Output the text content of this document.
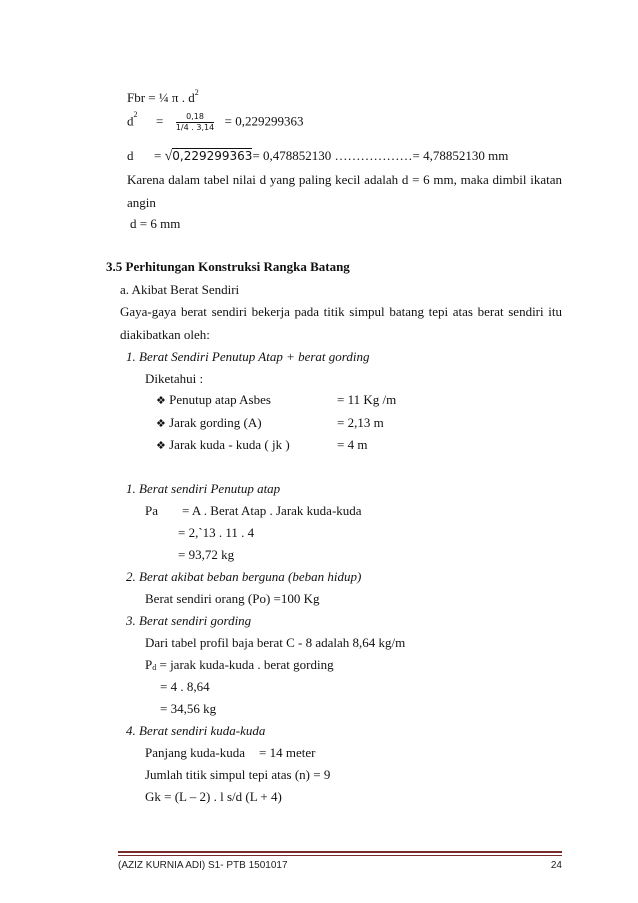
Fbr = ¼ π . $d^2$
$d^2 = \frac{0,18}{1/4 . 3,14} = 0,229299363$
d = √0,229299363= 0,478852130 ………………= 4,78852130 mm
Karena dalam tabel nilai d yang paling kecil adalah d = 6 mm, maka dimbil ikatan
angin
d = 6 mm
3.5 Perhitungan Konstruksi Rangka Batang
a. Akibat Berat Sendiri
Gaya-gaya berat sendiri bekerja pada titik simpul batang tepi atas berat sendiri itu
diakibatkan oleh:
1. Berat Sendiri Penutup Atap + berat gording
Diketahui :
❖ Penutup atap Asbes	= 11 Kg /m
❖ Jarak gording (A)	= 2,13 m
❖ Jarak kuda - kuda ( jk )	= 4 m
1. Berat sendiri Penutup atap
Pa = A . Berat Atap . Jarak kuda-kuda
= 2,`13 . 11 . 4
= 93,72 kg
2. Berat akibat beban berguna (beban hidup)
Berat sendiri orang (Po) =100 Kg
3. Berat sendiri gording
Dari tabel profil baja berat C - 8 adalah 8,64 kg/m
$P_d$ = jarak kuda-kuda . berat gording
= 4 . 8,64
= 34,56 kg
4. Berat sendiri kuda-kuda
Panjang kuda-kuda = 14 meter
Jumlah titik simpul tepi atas (n) = 9
Gk = (L – 2) . l s/d (L + 4)
(AZIZ KURNIA ADI) S1- PTB 1501017	24
